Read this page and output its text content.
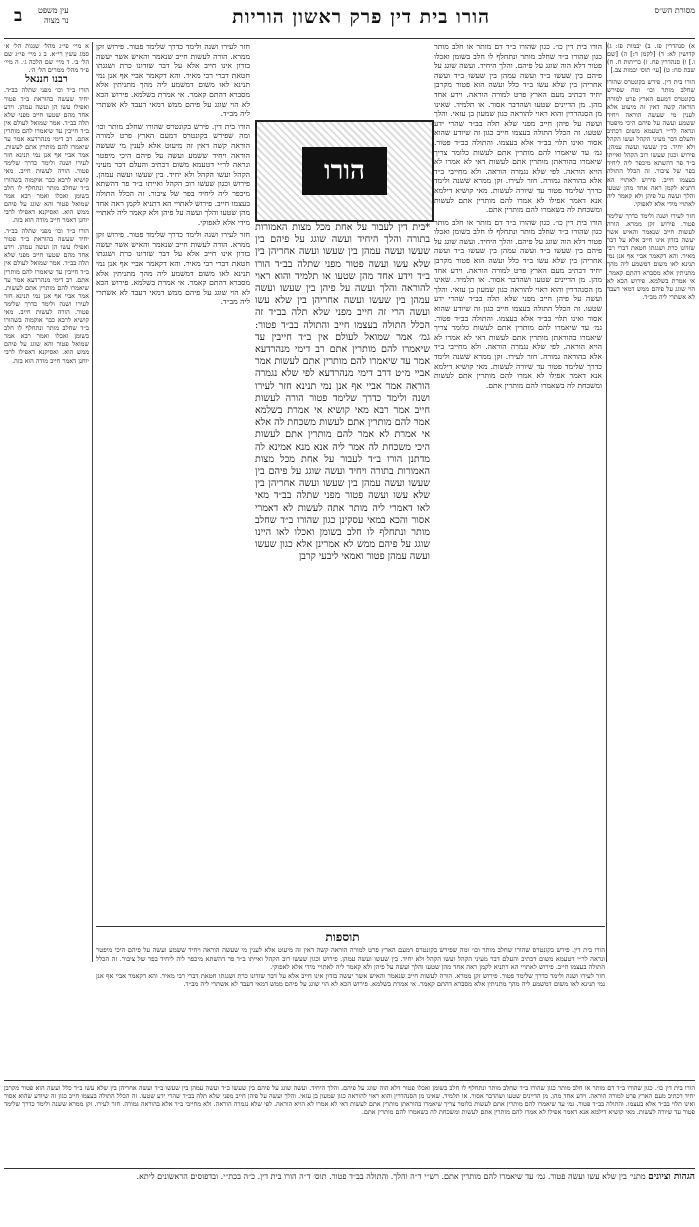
מסורת הש״ס
הורו בית דין פרק ראשון הוריות
עין משפט
נר מצוה
ב

א) סנהדרין פז. ב) יבמות פז: ג) קדושין לא: ד) [לקמן ד:] ה) [שם ו.] ו) סנהדרין פח. ז) כריתות ח. ח) שבת סח: ט) [עי׳ תוס׳ יבמות צב.]

הורו בית דין. פירש בקונטרס שהורו שחלב מותר וכו׳ ומה שפירש בקונטרס דמעם הארץ פרט למורה הוראה קשה דאין זה מיעוט אלא לענין מי שעשה הוראה ויחיד ששמע ועשה על פיהם היכי מיפטר ונראה לר״י דטעמא משום דכתיב והעלם דבר מעיני הקהל ועשו הקהל ולא יחיד. בין שעשו ועשה עמהן. פירוש וכגון שעשו רוב הקהל ואייתו ב״ד פר דהשתא מיכפר ליה ליחיד בפר של ציבור. זה הכלל התולה בעצמו חייב. פירוש לאתויי הא דתניא לקמן ראה אחד מהן שטעו והלך ועשה על פיהן ולא קאמר ליה לאתויי מידי אלא לאפוקי.

חזר לעירו ושנה ולימד כדרך שלימד פטור. פירוש זקן ממרא. הורה לעשות חייב שנאמר והאיש אשר יעשה בזדון אינו חייב אלא על דבר שזדונו כרת ושגגתו חטאת דברי רבי מאיר. והא דקאמר אביי אף אנן נמי תנינא לאו משום דמשמע ליה מהך מתניתין אלא מסברא דהתם קאמר. אי אמרת בשלמא. פירוש הכא לא הוי שוגג על פיהם ממש דמאי דעבד לא אשתרי ליה מב״ד.

הורו בית דין כו׳. כגון שהורו ב״ד דם מותר או חלב מותר כגון שהורו ב״ד שחלב מותר ונתחלף לו חלב בשומן ואכלו פטור דלא הוה שוגג על פיהם. והלך היחיד. ועשה שוגג על פיהם בין שעשו ב״ד ועשה עמהן בין שעשו ב״ד ועשה אחריהן בין שלא עשו ב״ד כלל ועשה הוא פטור מקרבן יחיד דכתיב מעם הארץ פרט למורה הוראה. וידע אחד מהן. מן הדיינים שטעו ושהדבר אסור. או תלמיד. שאינו מן הסנהדרין והוא ראוי להוראה כגון שמעון בן עזאי. והלך ועשה על פיהן חייב מפני שלא תלה בב״ד שהרי ידע שטעו. זה הכלל התולה בעצמו חייב כגון זה שיודע שהוא אסור ואינו תלוי בב״ד אלא בעצמו. והתולה בב״ד פטור. גמ׳ עד שיאמרו להם מותרין אתם לעשות כלומר צריך שיאמרו בהוראתן מותרין אתם לעשות דאי לא אמרו לא הויא הוראה. לפי שלא נגמרה הוראה. ולא מחייבי ב״ד אלא בהוראה גמורה. חזר לעירו. זקן ממרא ששנה ולימד כדרך שלימד פטור עד שיורה לעשות. מאי קושיא דילמא אנא דאמר אפילו לא אמרו להם מותרין אתם לעשות ומשכחת לה בשאמרו להם מותרין אתם.

הורו בית דין כו׳. כגון שהורו ב״ד דם מותר או חלב מותר כגון שהורו ב״ד שחלב מותר ונתחלף לו חלב בשומן ואכלו פטור דלא הוה שוגג על פיהם. והלך היחיד. ועשה שוגג על פיהם בין שעשו ב״ד ועשה עמהן בין שעשו ב״ד ועשה אחריהן בין שלא עשו ב״ד כלל ועשה הוא פטור מקרבן יחיד דכתיב מעם הארץ פרט למורה הוראה. וידע אחד מהן. מן הדיינים שטעו ושהדבר אסור. או תלמיד. שאינו מן הסנהדרין והוא ראוי להוראה כגון שמעון בן עזאי. והלך ועשה על פיהן חייב מפני שלא תלה בב״ד שהרי ידע שטעו. זה הכלל התולה בעצמו חייב כגון זה שיודע שהוא אסור ואינו תלוי בב״ד אלא בעצמו. והתולה בב״ד פטור. גמ׳ עד שיאמרו להם מותרין אתם לעשות כלומר צריך שיאמרו בהוראתן מותרין אתם לעשות דאי לא אמרו לא הויא הוראה. לפי שלא נגמרה הוראה. ולא מחייבי ב״ד אלא בהוראה גמורה. חזר לעירו. זקן ממרא ששנה ולימד כדרך שלימד פטור עד שיורה לעשות. מאי קושיא דילמא אנא דאמר אפילו לא אמרו להם מותרין אתם לעשות ומשכחת לה בשאמרו להם מותרין אתם.

חזר לעירו ושנה ולימד כדרך שלימד פטור. פירוש זקן ממרא. הורה לעשות חייב שנאמר והאיש אשר יעשה בזדון אינו חייב אלא על דבר שזדונו כרת ושגגתו חטאת דברי רבי מאיר. והא דקאמר אביי אף אנן נמי תנינא לאו משום דמשמע ליה מהך מתניתין אלא מסברא דהתם קאמר. אי אמרת בשלמא. פירוש הכא לא הוי שוגג על פיהם ממש דמאי דעבד לא אשתרי ליה מב״ד.

הורו בית דין. פירש בקונטרס שהורו שחלב מותר וכו׳ ומה שפירש בקונטרס דמעם הארץ פרט למורה הוראה קשה דאין זה מיעוט אלא לענין מי שעשה הוראה ויחיד ששמע ועשה על פיהם היכי מיפטר ונראה לר״י דטעמא משום דכתיב והעלם דבר מעיני הקהל ועשו הקהל ולא יחיד. בין שעשו ועשה עמהן. פירוש וכגון שעשו רוב הקהל ואייתו ב״ד פר דהשתא מיכפר ליה ליחיד בפר של ציבור. זה הכלל התולה בעצמו חייב. פירוש לאתויי הא דתניא לקמן ראה אחד מהן שטעו והלך ועשה על פיהן ולא קאמר ליה לאתויי מידי אלא לאפוקי.

חזר לעירו ושנה ולימד כדרך שלימד פטור. פירוש זקן ממרא. הורה לעשות חייב שנאמר והאיש אשר יעשה בזדון אינו חייב אלא על דבר שזדונו כרת ושגגתו חטאת דברי רבי מאיר. והא דקאמר אביי אף אנן נמי תנינא לאו משום דמשמע ליה מהך מתניתין אלא מסברא דהתם קאמר. אי אמרת בשלמא. פירוש הכא לא הוי שוגג על פיהם ממש דמאי דעבד לא אשתרי ליה מב״ד.

הורו

*בית דין לעבור על אחת מכל מצות האמורות בתורה והלך היחיד ועשה שוגג על פיהם בין שעשו ועשה עמהן בין שעשו ועשה אחריהן בין שלא עשו ועשה פטור מפני שתלה בב״ד הורו ב״ד וידע אחד מהן שטעו או תלמיד והוא ראוי להוראה והלך ועשה על פיהן בין שעשו ועשה עמהן בין שעשו ועשה אחריהן בין שלא עשו ועשה הרי זה חייב מפני שלא תלה בב״ד זה הכלל התולה בעצמו חייב והתולה בב״ד פטור: גמ׳ אמר שמואל לעולם אין ב״ד חייבין עד שיאמרו להם מותרין אתם רב דימי מנהרדעא אמר עד שיאמרו להם מותרין אתם לעשות אמר אביי מ״ט דרב דימי מנהרדעא לפי שלא נגמרה הוראה אמר אביי אף אנן נמי תנינא חזר לעירו ושנה ולימד כדרך שלימד פטור הורה לעשות חייב אמר רבא מאי קושיא אי אמרת בשלמא אמר להם מותרין אתם לעשות משכחת לה אלא אי אמרת לא אמר להם מותרין אתם לעשות היכי משכחת לה אמר ליה אנא מנא אמינא לה מדתנן הורו ב״ד לעבור על אחת מכל מצות האמורות בתורה ויחיד ועשה שוגג על פיהם בין שעשו ועשה עמהן בין שעשו ועשה אחריהן בין שלא עשו ועשה פטור מפני שתלה בב״ד מאי לאו דאמרי ליה מותר אתה לעשות לא דאמרי אסור והכא במאי עסקינן כגון שהורו ב״ד שחלב מותר ונתחלף לו חלב בשומן ואכלו לאו היינו שוגג על פיהם ממש לא אמרינן אלא כגון שעשו ועשה עמהן פטור ואמאי ליבעי קרבן

א מיי׳ פי״ג מהל׳ שגגות הל׳ א׳ סמג עשין רי״א. ב ג מיי׳ פי״ג שם הל׳ ב׳. ד מיי׳ שם הלכה ג׳. ה מיי׳ פ״ד מהל׳ ממרים הל׳ ה׳.

רבנו חננאל

הורו ב״ד וכו׳ מפני שתלה בב״ד. יחיד שעשה בהוראת ב״ד פטור ואפילו עשו הן ועשה עמהן. וידע אחד מהם שטעו חייב מפני שלא תלה בב״ד. אמר שמואל לעולם אין ב״ד חייבין עד שיאמרו להם מותרין אתם. רב דימי מנהרדעא אמר עד שיאמרו להם מותרין אתם לעשות. אמר אביי אף אנן נמי תנינא חזר לעירו ושנה ולימד כדרך שלימד פטור. הורה לעשות חייב. מאי קושיא לרבא כבר אוקמוה בשהורו ב״ד שחלב מותר ונתחלף לו חלב בשומן ואכלו ואמר רבא אמר שמואל פטור והא שוגג על פיהם ממש הוא. ואסיקנא דאפילו לרבי יוחנן דאמר חייב מודה הוא בזה.

הורו ב״ד וכו׳ מפני שתלה בב״ד. יחיד שעשה בהוראת ב״ד פטור ואפילו עשו הן ועשה עמהן. וידע אחד מהם שטעו חייב מפני שלא תלה בב״ד. אמר שמואל לעולם אין ב״ד חייבין עד שיאמרו להם מותרין אתם. רב דימי מנהרדעא אמר עד שיאמרו להם מותרין אתם לעשות. אמר אביי אף אנן נמי תנינא חזר לעירו ושנה ולימד כדרך שלימד פטור. הורה לעשות חייב. מאי קושיא לרבא כבר אוקמוה בשהורו ב״ד שחלב מותר ונתחלף לו חלב בשומן ואכלו ואמר רבא אמר שמואל פטור והא שוגג על פיהם ממש הוא. ואסיקנא דאפילו לרבי יוחנן דאמר חייב מודה הוא בזה.

תוספות

הורו בית דין. פירש בקונטרס שהורו שחלב מותר וכו׳ ומה שפירש בקונטרס דמעם הארץ פרט למורה הוראה קשה דאין זה מיעוט אלא לענין מי שעשה הוראה ויחיד ששמע ועשה על פיהם היכי מיפטר ונראה לר״י דטעמא משום דכתיב והעלם דבר מעיני הקהל ועשו הקהל ולא יחיד. בין שעשו ועשה עמהן. פירוש וכגון שעשו רוב הקהל ואייתו ב״ד פר דהשתא מיכפר ליה ליחיד בפר של ציבור. זה הכלל התולה בעצמו חייב. פירוש לאתויי הא דתניא לקמן ראה אחד מהן שטעו והלך ועשה על פיהן ולא קאמר ליה לאתויי מידי אלא לאפוקי.

חזר לעירו ושנה ולימד כדרך שלימד פטור. פירוש זקן ממרא. הורה לעשות חייב שנאמר והאיש אשר יעשה בזדון אינו חייב אלא על דבר שזדונו כרת ושגגתו חטאת דברי רבי מאיר. והא דקאמר אביי אף אנן נמי תנינא לאו משום דמשמע ליה מהך מתניתין אלא מסברא דהתם קאמר. אי אמרת בשלמא. פירוש הכא לא הוי שוגג על פיהם ממש דמאי דעבד לא אשתרי ליה מב״ד.

הורו בית דין כו׳. כגון שהורו ב״ד דם מותר או חלב מותר כגון שהורו ב״ד שחלב מותר ונתחלף לו חלב בשומן ואכלו פטור דלא הוה שוגג על פיהם. והלך היחיד. ועשה שוגג על פיהם בין שעשו ב״ד ועשה עמהן בין שעשו ב״ד ועשה אחריהן בין שלא עשו ב״ד כלל ועשה הוא פטור מקרבן יחיד דכתיב מעם הארץ פרט למורה הוראה. וידע אחד מהן. מן הדיינים שטעו ושהדבר אסור. או תלמיד. שאינו מן הסנהדרין והוא ראוי להוראה כגון שמעון בן עזאי. והלך ועשה על פיהן חייב מפני שלא תלה בב״ד שהרי ידע שטעו. זה הכלל התולה בעצמו חייב כגון זה שיודע שהוא אסור ואינו תלוי בב״ד אלא בעצמו. והתולה בב״ד פטור. גמ׳ עד שיאמרו להם מותרין אתם לעשות כלומר צריך שיאמרו בהוראתן מותרין אתם לעשות דאי לא אמרו לא הויא הוראה. לפי שלא נגמרה הוראה. ולא מחייבי ב״ד אלא בהוראה גמורה. חזר לעירו. זקן ממרא ששנה ולימד כדרך שלימד פטור עד שיורה לעשות. מאי קושיא דילמא אנא דאמר אפילו לא אמרו להם מותרין אתם לעשות ומשכחת לה בשאמרו להם מותרין אתם.

הגהות וציונים מתני׳ בין שלא עשו ועשה פטור. גמ׳ עד שיאמרו להם מותרין אתם. רש״י ד״ה והלך. והתולה בב״ד פטור. תוס׳ ד״ה הורו בית דין. כ״ה בכת״י. ובדפוסים הראשונים ליתא.
